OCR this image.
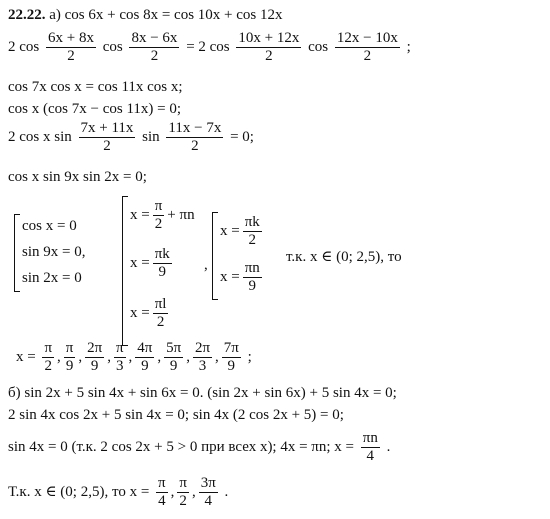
22.22. а) cos 6x + cos 8x = cos 10x + cos 12x
2 $\cos \frac{6x + 8x}{2}$ $\cos \frac{8x - 6x}{2} = 2$ $\cos \frac{10x + 12x}{2}$ $\cos \frac{12x - 10x}{2}$ ;
cos 7x cos x = cos 11x cos x;
cos x (cos 7x − cos 11x) = 0;
2 cos x $\sin \frac{7x + 11x}{2}$ $\sin \frac{11x - 7x}{2} = 0$;
cos x sin 9x sin 2x = 0;
cos x = 0
sin 9x = 0,
sin 2x = 0
$x = \frac{\pi}{2} + \pi n$
$x = \frac{\pi k}{9}$
$x = \frac{\pi l}{2}$
,
$x = \frac{\pi k}{2}$
$x = \frac{\pi n}{9}$
т.к. x ∈ (0; 2,5), то
$x = \frac{\pi}{2}$ , $\frac{\pi}{9}$ , $\frac{2\pi}{9}$ , $\frac{\pi}{3}$ , $\frac{4\pi}{9}$ , $\frac{5\pi}{9}$ , $\frac{2\pi}{3}$ , $\frac{7\pi}{9}$ ;
б) sin 2x + 5 sin 4x + sin 6x = 0. (sin 2x + sin 6x) + 5 sin 4x = 0;
2 sin 4x cos 2x + 5 sin 4x = 0; sin 4x (2 cos 2x + 5) = 0;
sin 4x = 0 (т.к. 2 cos 2x + 5 > 0 при всех x); 4x = πn; $x = \frac{\pi n}{4}$ .
Т.к. x ∈ (0; 2,5), то $x = \frac{\pi}{4}$ , $\frac{\pi}{2}$ , $\frac{3\pi}{4}$ .
